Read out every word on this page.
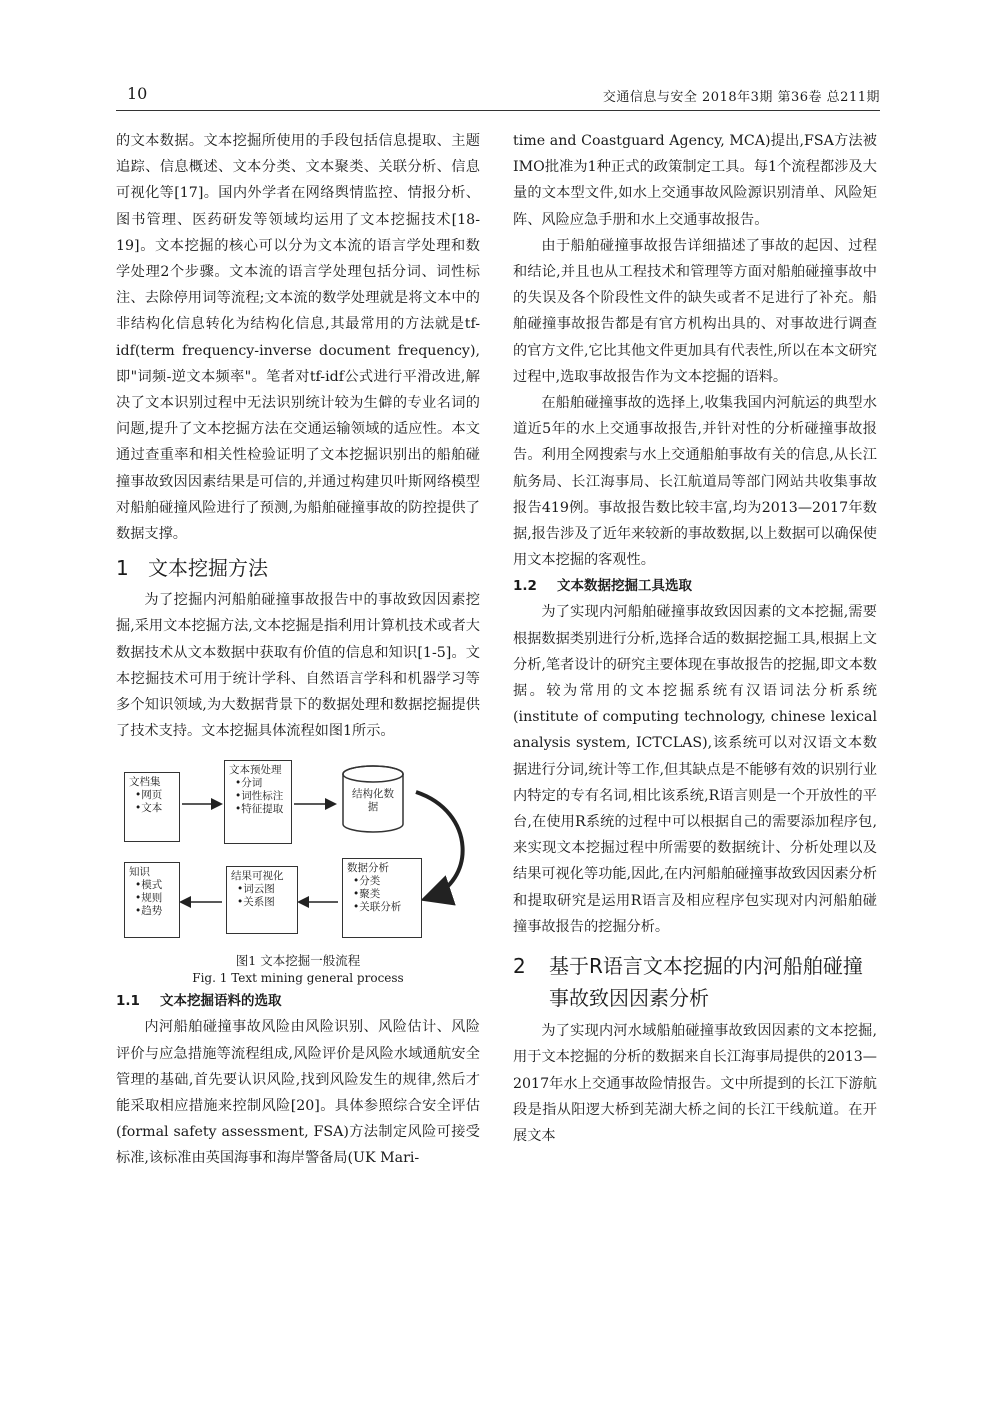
10	交通信息与安全 2018年3期 第36卷 总211期

的文本数据。文本挖掘所使用的手段包括信息提取、主题追踪、信息概述、文本分类、文本聚类、关联分析、信息可视化等[17]。国内外学者在网络舆情监控、情报分析、图书管理、医药研发等领域均运用了文本挖掘技术[18-19]。文本挖掘的核心可以分为文本流的语言学处理和数学处理2个步骤。文本流的语言学处理包括分词、词性标注、去除停用词等流程;文本流的数学处理就是将文本中的非结构化信息转化为结构化信息,其最常用的方法就是tf-idf(term frequency-inverse document frequency),即"词频-逆文本频率"。笔者对tf-idf公式进行平滑改进,解决了文本识别过程中无法识别统计较为生僻的专业名词的问题,提升了文本挖掘方法在交通运输领域的适应性。本文通过查重率和相关性检验证明了文本挖掘识别出的船舶碰撞事故致因因素结果是可信的,并通过构建贝叶斯网络模型对船舶碰撞风险进行了预测,为船舶碰撞事故的防控提供了数据支撑。

1 文本挖掘方法

为了挖掘内河船舶碰撞事故报告中的事故致因因素挖掘,采用文本挖掘方法,文本挖掘是指利用计算机技术或者大数据技术从文本数据中获取有价值的信息和知识[1-5]。文本挖掘技术可用于统计学科、自然语言学科和机器学习等多个知识领域,为大数据背景下的数据处理和数据挖掘提供了技术支持。文本挖掘具体流程如图1所示。

文档集
•网页
•文本
文本预处理
•分词
•词性标注
•特征提取
结构化数据
知识
•模式
•规则
•趋势
结果可视化
•词云图
•关系图
数据分析
•分类
•聚类
•关联分析

图1 文本挖掘一般流程

Fig. 1 Text mining general process

1.1 文本挖掘语料的选取

内河船舶碰撞事故风险由风险识别、风险估计、风险评价与应急措施等流程组成,风险评价是风险水域通航安全管理的基础,首先要认识风险,找到风险发生的规律,然后才能采取相应措施来控制风险[20]。具体参照综合安全评估(formal safety assessment, FSA)方法制定风险可接受标准,该标准由英国海事和海岸警备局(UK Mari-

time and Coastguard Agency, MCA)提出,FSA方法被IMO批准为1种正式的政策制定工具。每1个流程都涉及大量的文本型文件,如水上交通事故风险源识别清单、风险矩阵、风险应急手册和水上交通事故报告。

由于船舶碰撞事故报告详细描述了事故的起因、过程和结论,并且也从工程技术和管理等方面对船舶碰撞事故中的失误及各个阶段性文件的缺失或者不足进行了补充。船舶碰撞事故报告都是有官方机构出具的、对事故进行调查的官方文件,它比其他文件更加具有代表性,所以在本文研究过程中,选取事故报告作为文本挖掘的语料。

在船舶碰撞事故的选择上,收集我国内河航运的典型水道近5年的水上交通事故报告,并针对性的分析碰撞事故报告。利用全网搜索与水上交通船舶事故有关的信息,从长江航务局、长江海事局、长江航道局等部门网站共收集事故报告419例。事故报告数比较丰富,均为2013—2017年数据,报告涉及了近年来较新的事故数据,以上数据可以确保使用文本挖掘的客观性。

1.2 文本数据挖掘工具选取

为了实现内河船舶碰撞事故致因因素的文本挖掘,需要根据数据类别进行分析,选择合适的数据挖掘工具,根据上文分析,笔者设计的研究主要体现在事故报告的挖掘,即文本数据。较为常用的文本挖掘系统有汉语词法分析系统(institute of computing technology, chinese lexical analysis system, ICTCLAS),该系统可以对汉语文本数据进行分词,统计等工作,但其缺点是不能够有效的识别行业内特定的专有名词,相比该系统,R语言则是一个开放性的平台,在使用R系统的过程中可以根据自己的需要添加程序包,来实现文本挖掘过程中所需要的数据统计、分析处理以及结果可视化等功能,因此,在内河船舶碰撞事故致因因素分析和提取研究是运用R语言及相应程序包实现对内河船舶碰撞事故报告的挖掘分析。

2 基于R语言文本挖掘的内河船舶碰撞事故致因因素分析

为了实现内河水域船舶碰撞事故致因因素的文本挖掘,用于文本挖掘的分析的数据来自长江海事局提供的2013—2017年水上交通事故险情报告。文中所提到的长江下游航段是指从阳逻大桥到芜湖大桥之间的长江干线航道。在开展文本
